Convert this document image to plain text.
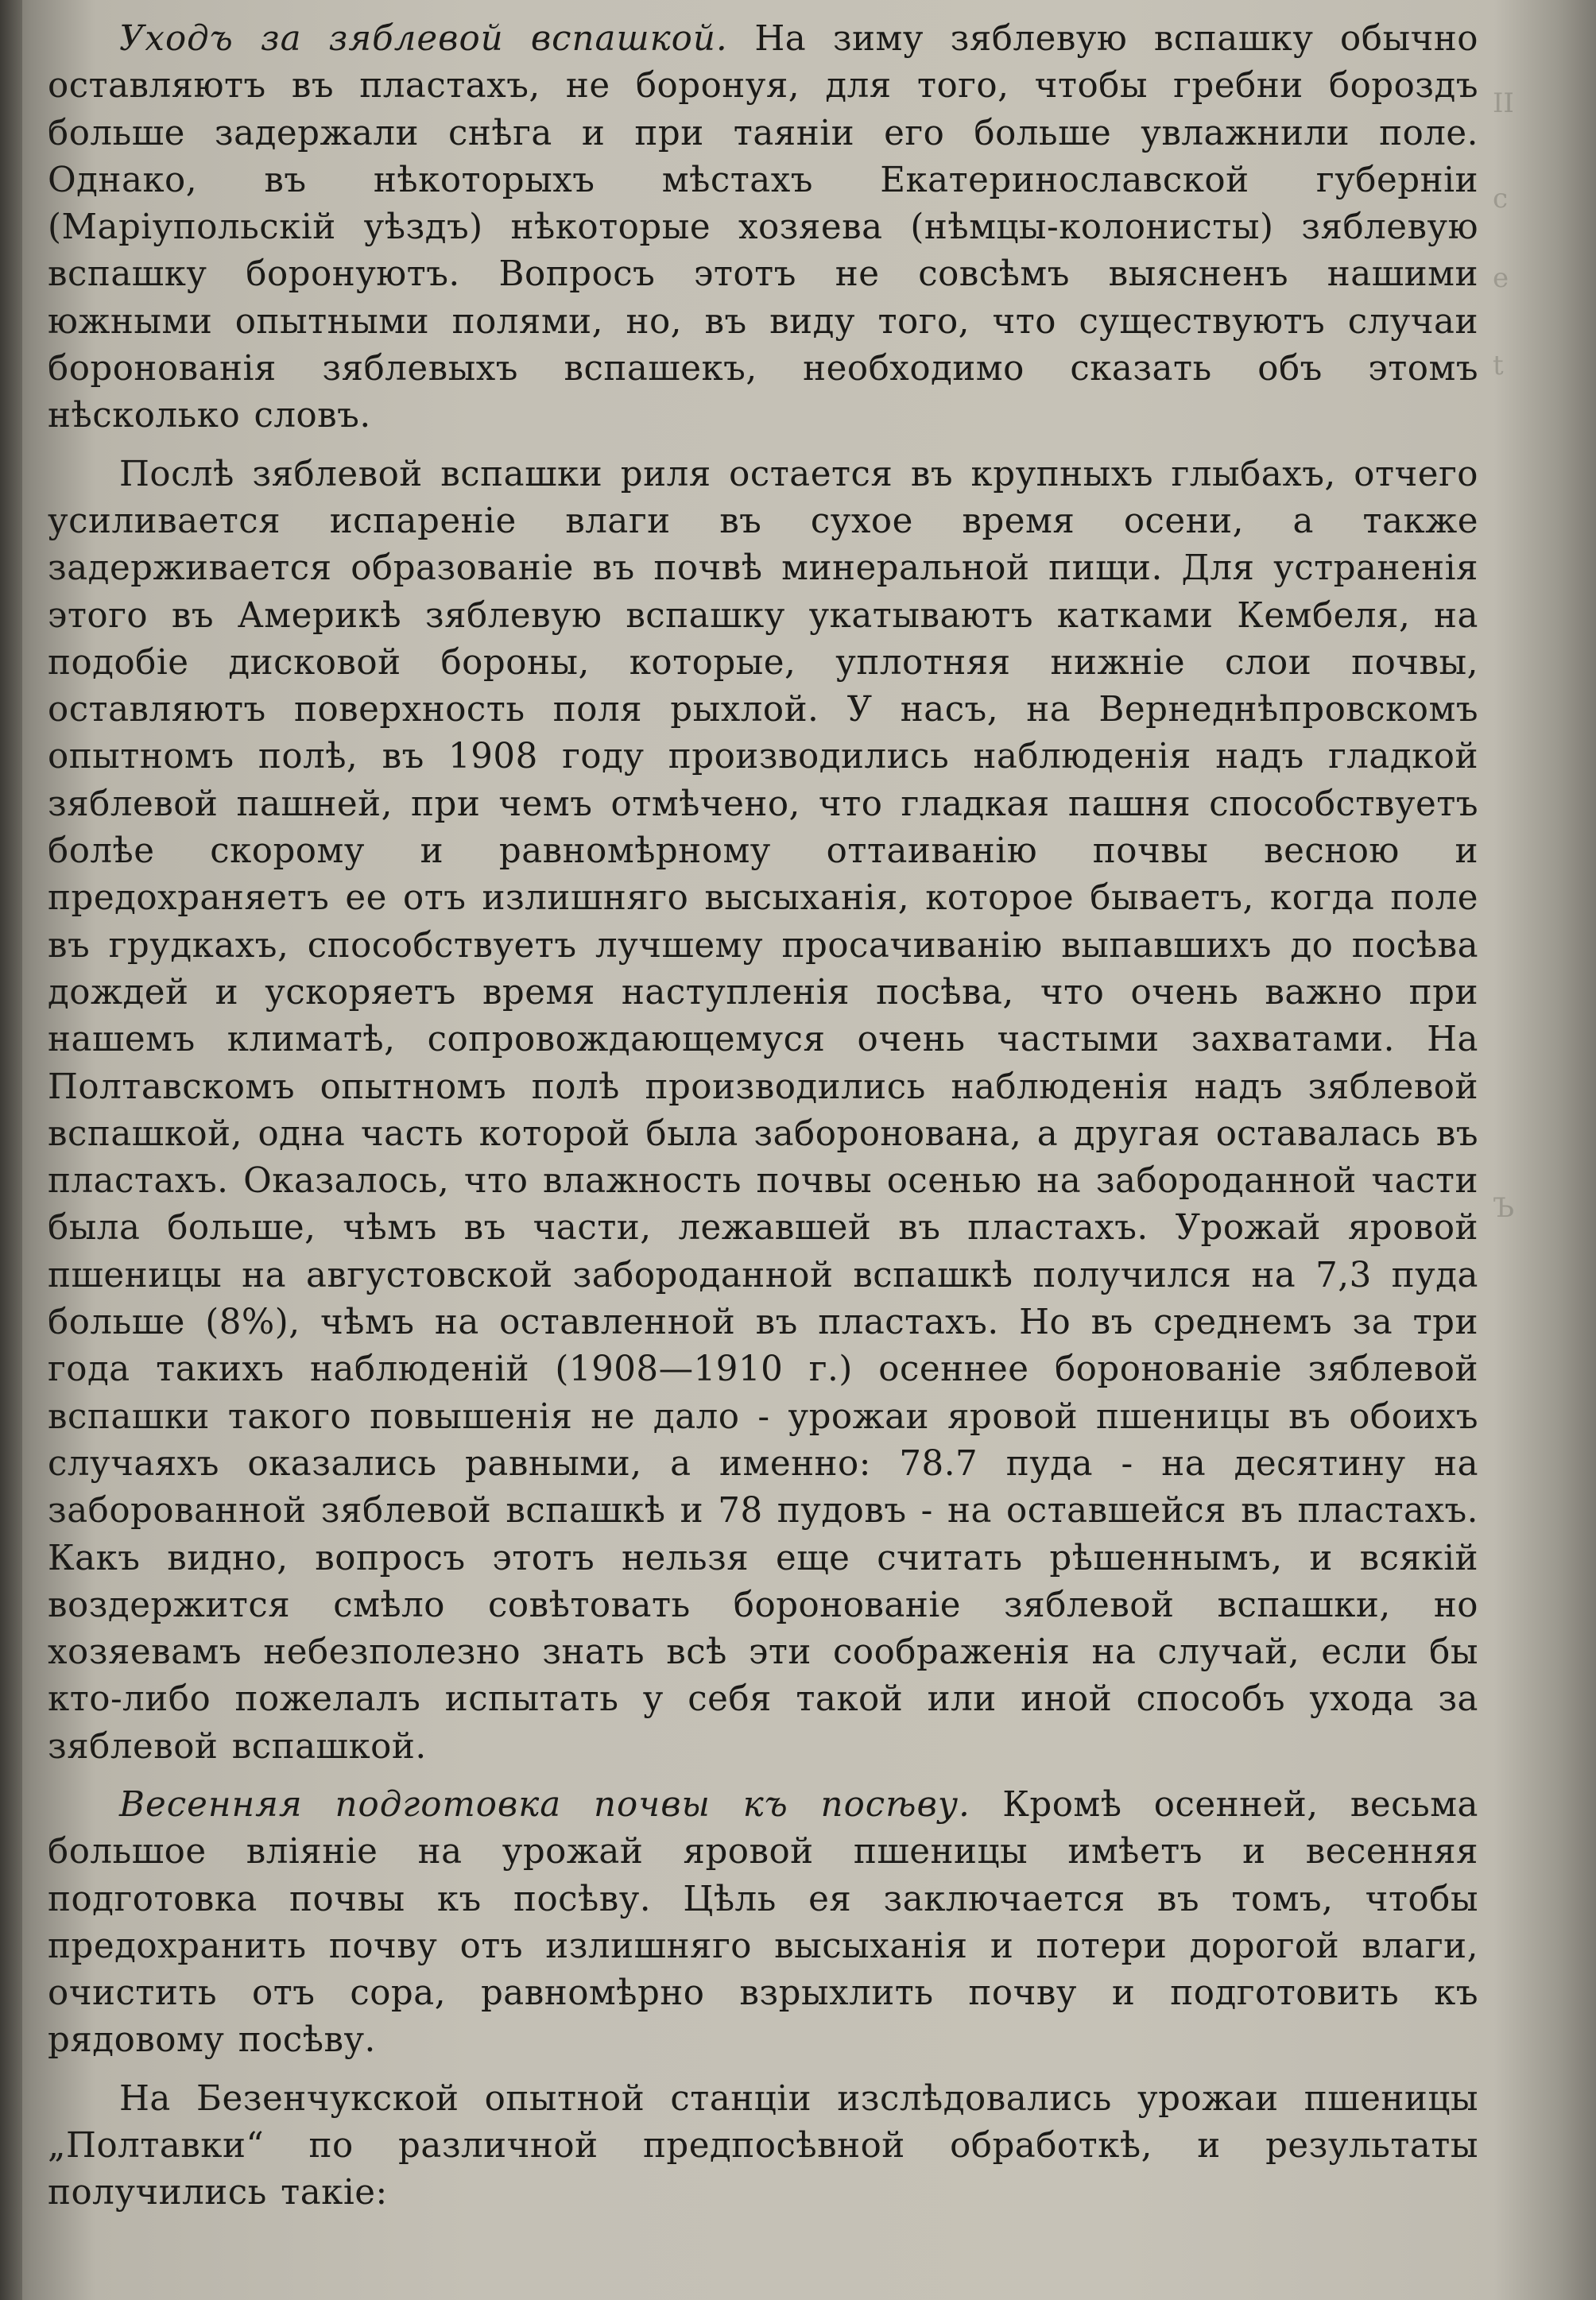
Уходъ за зяблевой вспашкой. На зиму зяблевую вспашку обычно оставляютъ въ пластахъ, не боронуя, для того, чтобы гребни бороздъ больше задержали снѣга и при таяніи его больше увлажнили поле. Однако, въ нѣкоторыхъ мѣстахъ Екатеринославской губерніи (Маріупольскій уѣздъ) нѣкоторые хозяева (нѣмцы-колонисты) зяблевую вспашку боронуютъ. Вопросъ этотъ не совсѣмъ выясненъ нашими южными опытными полями, но, въ виду того, что существуютъ случаи боронованія зяблевыхъ вспашекъ, необходимо сказать объ этомъ нѣсколько словъ.

Послѣ зяблевой вспашки риля остается въ крупныхъ глыбахъ, отчего усиливается испареніе влаги въ сухое время осени, а также задерживается образованіе въ почвѣ минеральной пищи. Для устраненія этого въ Америкѣ зяблевую вспашку укатываютъ катками Кембеля, на подобіе дисковой бороны, которые, уплотняя нижніе слои почвы, оставляютъ поверхность поля рыхлой. У насъ, на Вернеднѣпровскомъ опытномъ полѣ, въ 1908 году производились наблюденія надъ гладкой зяблевой пашней, при чемъ отмѣчено, что гладкая пашня способствуетъ болѣе скорому и равномѣрному оттаиванію почвы весною и предохраняетъ ее отъ излишняго высыханія, которое бываетъ, когда поле въ грудкахъ, способствуетъ лучшему просачиванію выпавшихъ до посѣва дождей и ускоряетъ время наступленія посѣва, что очень важно при нашемъ климатѣ, сопровождающемуся очень частыми захватами. На Полтавскомъ опытномъ полѣ производились наблюденія надъ зяблевой вспашкой, одна часть которой была заборонована, а другая оставалась въ пластахъ. Оказалось, что влажность почвы осенью на забороданной части была больше, чѣмъ въ части, лежавшей въ пластахъ. Урожай яровой пшеницы на августовской забороданной вспашкѣ получился на 7,3 пуда больше (8%), чѣмъ на оставленной въ пластахъ. Но въ среднемъ за три года такихъ наблюденій (1908—1910 г.) осеннее боронованіе зяблевой вспашки такого повышенія не дало - урожаи яровой пшеницы въ обоихъ случаяхъ оказались равными, а именно: 78.7 пуда - на десятину на заборованной зяблевой вспашкѣ и 78 пудовъ - на оставшейся въ пластахъ. Какъ видно, вопросъ этотъ нельзя еще считать рѣшеннымъ, и всякій воздержится смѣло совѣтовать боронованіе зяблевой вспашки, но хозяевамъ небезполезно знать всѣ эти соображенія на случай, если бы кто-либо пожелалъ испытать у себя такой или иной способъ ухода за зяблевой вспашкой.

Весенняя подготовка почвы къ посѣву. Кромѣ осенней, весьма большое вліяніе на урожай яровой пшеницы имѣетъ и весенняя подготовка почвы къ посѣву. Цѣль ея заключается въ томъ, чтобы предохранить почву отъ излишняго высыханія и потери дорогой влаги, очистить отъ сора, равномѣрно взрыхлить почву и подготовить къ рядовому посѣву.

На Безенчукской опытной станціи изслѣдовались урожаи пшеницы „Полтавки“ по различной предпосѣвной обработкѣ, и результаты получились такіе:

II
c
e
t
Ъ
